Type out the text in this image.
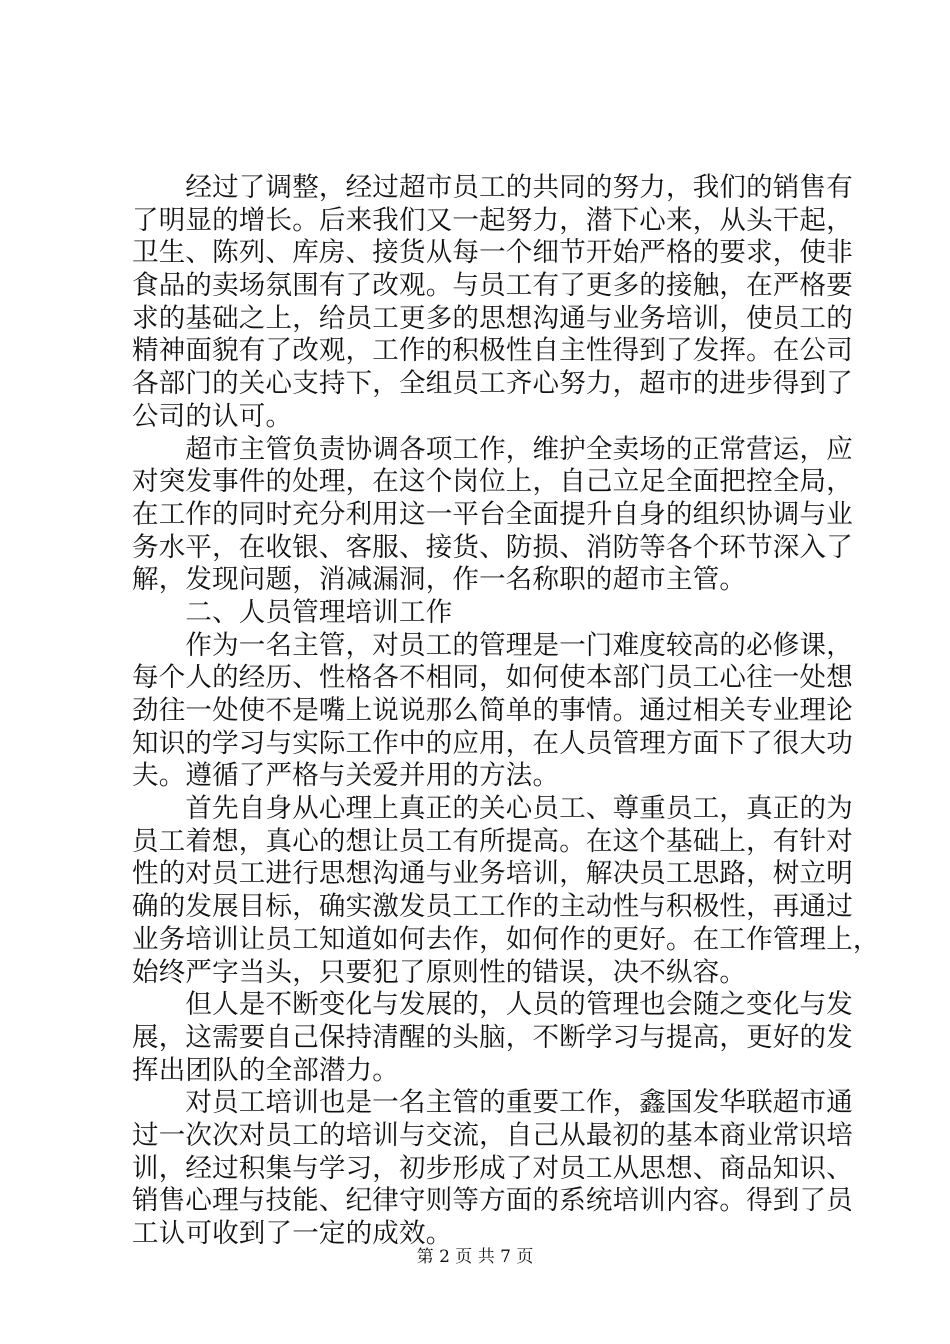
　　经过了调整，经过超市员工的共同的努力，我们的销售有
了明显的增长。后来我们又一起努力，潜下心来，从头干起，
卫生、陈列、库房、接货从每一个细节开始严格的要求，使非
食品的卖场氛围有了改观。与员工有了更多的接触，在严格要
求的基础之上，给员工更多的思想沟通与业务培训，使员工的
精神面貌有了改观，工作的积极性自主性得到了发挥。在公司
各部门的关心支持下，全组员工齐心努力，超市的进步得到了
公司的认可。
　　超市主管负责协调各项工作，维护全卖场的正常营运，应
对突发事件的处理，在这个岗位上，自己立足全面把控全局，
在工作的同时充分利用这一平台全面提升自身的组织协调与业
务水平，在收银、客服、接货、防损、消防等各个环节深入了
解，发现问题，消减漏洞，作一名称职的超市主管。
　　二、人员管理培训工作
　　作为一名主管，对员工的管理是一门难度较高的必修课，
每个人的经历、性格各不相同，如何使本部门员工心往一处想
劲往一处使不是嘴上说说那么简单的事情。通过相关专业理论
知识的学习与实际工作中的应用，在人员管理方面下了很大功
夫。遵循了严格与关爱并用的方法。
　　首先自身从心理上真正的关心员工、尊重员工，真正的为
员工着想，真心的想让员工有所提高。在这个基础上，有针对
性的对员工进行思想沟通与业务培训，解决员工思路，树立明
确的发展目标，确实激发员工工作的主动性与积极性，再通过
业务培训让员工知道如何去作，如何作的更好。在工作管理上，
始终严字当头，只要犯了原则性的错误，决不纵容。
　　但人是不断变化与发展的，人员的管理也会随之变化与发
展，这需要自己保持清醒的头脑，不断学习与提高，更好的发
挥出团队的全部潜力。
　　对员工培训也是一名主管的重要工作，鑫国发华联超市通
过一次次对员工的培训与交流，自己从最初的基本商业常识培
训，经过积集与学习，初步形成了对员工从思想、商品知识、
销售心理与技能、纪律守则等方面的系统培训内容。得到了员
工认可收到了一定的成效。
第 2 页 共 7 页
